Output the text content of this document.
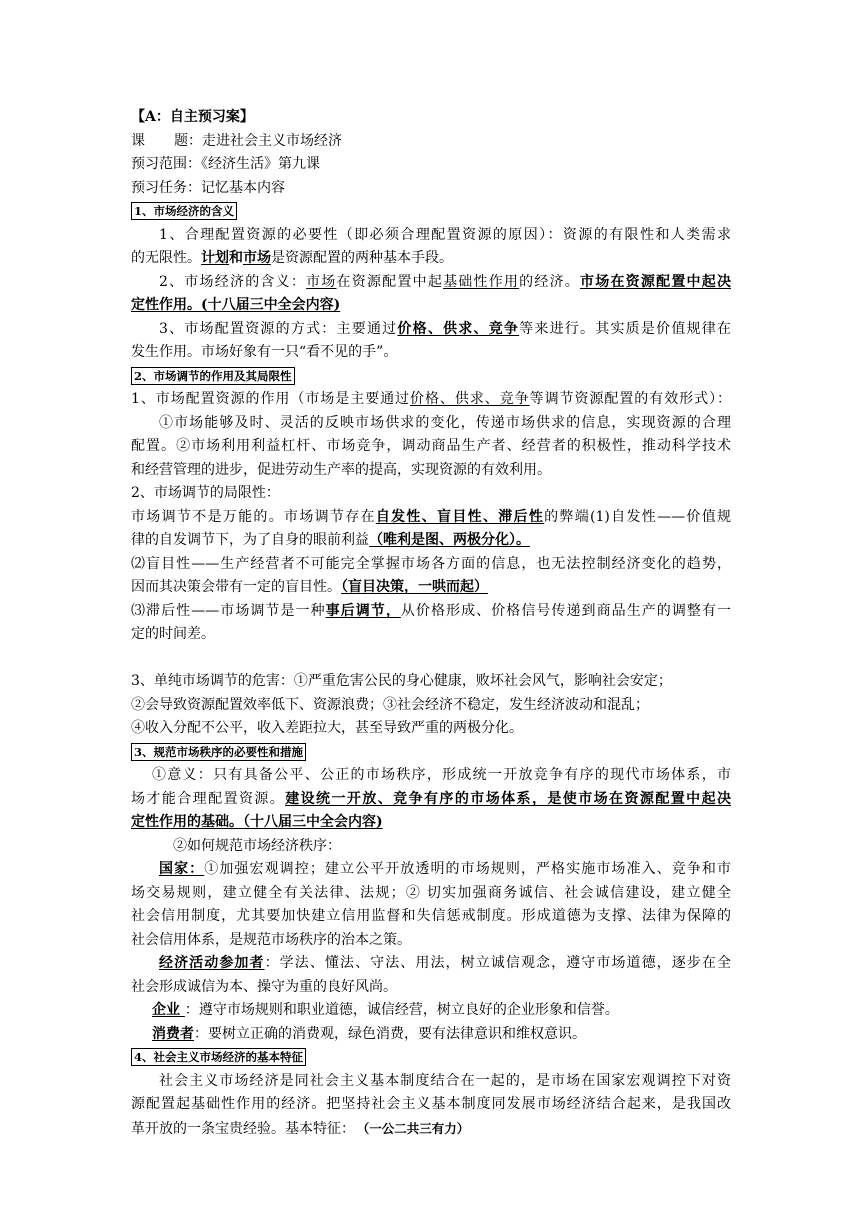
【A：自主预习案】
课 题：走进社会主义市场经济
预习范围：《经济生活》第九课
预习任务：记忆基本内容
1、市场经济的含义
1、合理配置资源的必要性（即必须合理配置资源的原因）：资源的有限性和人类需求
的无限性。计划和市场是资源配置的两种基本手段。
2、市场经济的含义：市场在资源配置中起基础性作用的经济。市场在资源配置中起决
定性作用。(十八届三中全会内容)
3、市场配置资源的方式：主要通过价格、供求、竞争等来进行。其实质是价值规律在
发生作用。市场好象有一只“看不见的手”。
2、市场调节的作用及其局限性
1、市场配置资源的作用（市场是主要通过价格、供求、竞争等调节资源配置的有效形式）：
①市场能够及时、灵活的反映市场供求的变化，传递市场供求的信息，实现资源的合理
配置。②市场利用利益杠杆、市场竞争，调动商品生产者、经营者的积极性，推动科学技术
和经营管理的进步，促进劳动生产率的提高，实现资源的有效利用。
2、市场调节的局限性：
市场调节不是万能的。市场调节存在自发性、盲目性、滞后性的弊端(1)自发性——价值规
律的自发调节下，为了自身的眼前利益（唯利是图、两极分化）。
⑵盲目性——生产经营者不可能完全掌握市场各方面的信息，也无法控制经济变化的趋势，
因而其决策会带有一定的盲目性。（盲目决策，一哄而起）
⑶滞后性——市场调节是一种事后调节，从价格形成、价格信号传递到商品生产的调整有一
定的时间差。
3、单纯市场调节的危害：①严重危害公民的身心健康，败坏社会风气，影响社会安定；
②会导致资源配置效率低下、资源浪费；③社会经济不稳定，发生经济波动和混乱；
④收入分配不公平，收入差距拉大，甚至导致严重的两极分化。
3、规范市场秩序的必要性和措施
①意义：只有具备公平、公正的市场秩序，形成统一开放竞争有序的现代市场体系，市
场才能合理配置资源。建设统一开放、竞争有序的市场体系，是使市场在资源配置中起决
定性作用的基础。（十八届三中全会内容)
②如何规范市场经济秩序：
国家：①加强宏观调控；建立公平开放透明的市场规则，严格实施市场准入、竞争和市
场交易规则，建立健全有关法律、法规；② 切实加强商务诚信、社会诚信建设，建立健全
社会信用制度，尤其要加快建立信用监督和失信惩戒制度。形成道德为支撑、法律为保障的
社会信用体系，是规范市场秩序的治本之策。
经济活动参加者：学法、懂法、守法、用法，树立诚信观念，遵守市场道德，逐步在全
社会形成诚信为本、操守为重的良好风尚。
企业 ：遵守市场规则和职业道德，诚信经营，树立良好的企业形象和信誉。
消费者：要树立正确的消费观，绿色消费，要有法律意识和维权意识。
4、社会主义市场经济的基本特征
社会主义市场经济是同社会主义基本制度结合在一起的，是市场在国家宏观调控下对资
源配置起基础性作用的经济。把坚持社会主义基本制度同发展市场经济结合起来，是我国改
革开放的一条宝贵经验。基本特征： （一公二共三有力）
